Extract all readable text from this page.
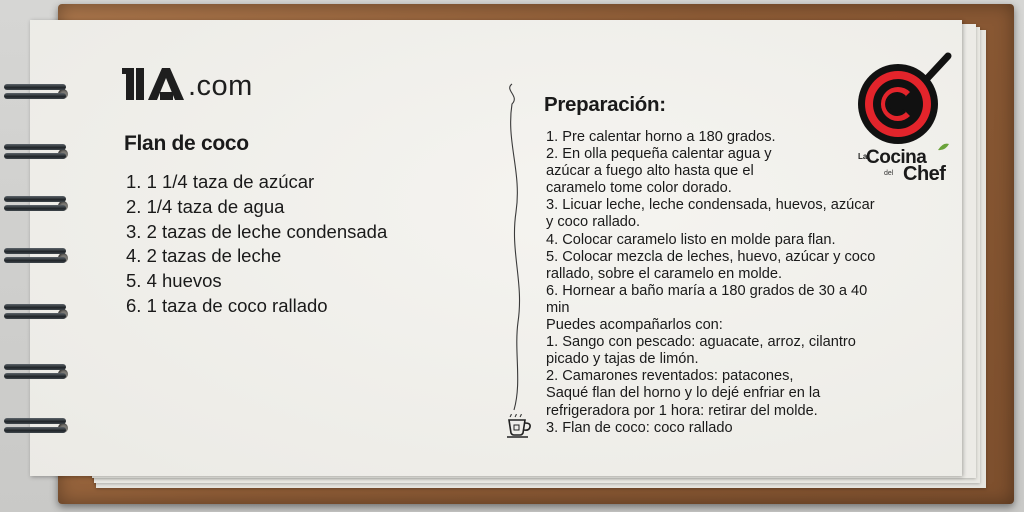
.com
Flan de coco
1. 1 1/4 taza de azúcar
2. 1/4 taza de agua
3. 2 tazas de leche condensada
4. 2 tazas de leche
5. 4 huevos
6. 1 taza de coco rallado
Preparación:
1. Pre calentar horno a 180 grados.
2. En olla pequeña calentar agua y
azúcar a fuego alto hasta que el
caramelo tome color dorado.
3. Licuar leche, leche condensada, huevos, azúcar
y coco rallado.
4. Colocar caramelo listo en molde para flan.
5. Colocar mezcla de leches, huevo, azúcar y coco
rallado, sobre el caramelo en molde.
6. Hornear a baño maría a 180 grados de 30 a 40
min
Puedes acompañarlos con:
1. Sango con pescado: aguacate, arroz, cilantro
picado y tajas de limón.
2. Camarones reventados: patacones,
Saqué flan del horno y lo dejé enfriar en la
refrigeradora por 1 hora: retirar del molde.
3. Flan de coco: coco rallado
La
Cocina
del Chef
